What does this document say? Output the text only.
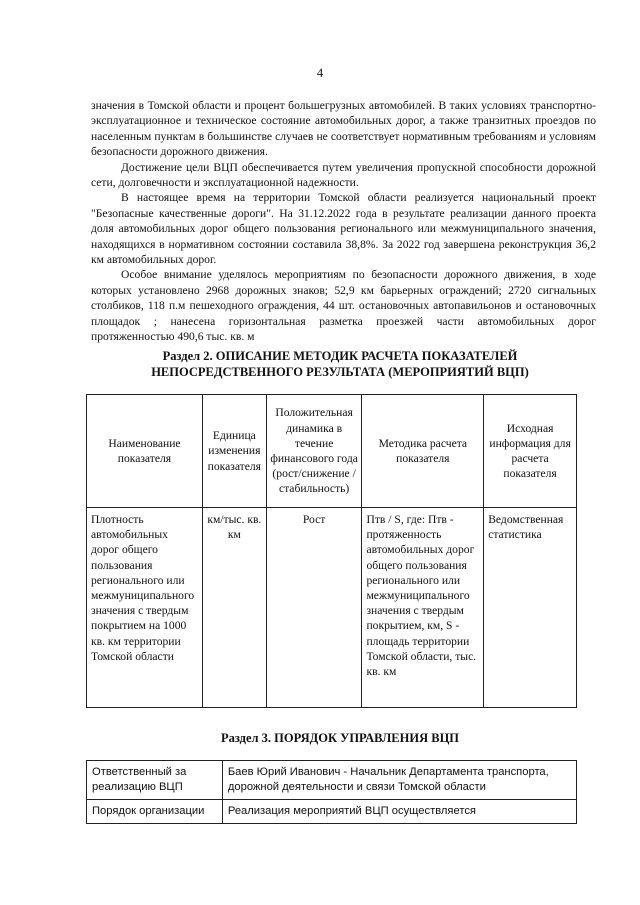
4

значения в Томской области и процент большегрузных автомобилей. В таких условиях транспортно-эксплуатационное и техническое состояние автомобильных дорог, а также транзитных проездов по населенным пунктам в большинстве случаев не соответствует нормативным требованиям и условиям безопасности дорожного движения.

Достижение цели ВЦП обеспечивается путем увеличения пропускной способности дорожной сети, долговечности и эксплуатационной надежности.

В настоящее время на территории Томской области реализуется национальный проект "Безопасные качественные дороги". На 31.12.2022 года в результате реализации данного проекта доля автомобильных дорог общего пользования регионального или межмуниципального значения, находящихся в нормативном состоянии составила 38,8%. За 2022 год завершена реконструкция 36,2 км автомобильных дорог.

Особое внимание уделялось мероприятиям по безопасности дорожного движения, в ходе которых установлено 2968 дорожных знаков; 52,9 км барьерных ограждений; 2720 сигнальных столбиков, 118 п.м пешеходного ограждения, 44 шт. остановочных автопавильонов и остановочных площадок ; нанесена горизонтальная разметка проезжей части автомобильных дорог протяженностью 490,6 тыс. кв. м

Раздел 2. ОПИСАНИЕ МЕТОДИК РАСЧЕТА ПОКАЗАТЕЛЕЙ
НЕПОСРЕДСТВЕННОГО РЕЗУЛЬТАТА (МЕРОПРИЯТИЙ ВЦП)
Наименование показателя	Единица изменения показателя	Положительная динамика в течение финансового года (рост/снижение /стабильность)	Методика расчета показателя	Исходная информация для расчета показателя
Плотность автомобильных дорог общего пользования регионального или межмуниципального значения с твердым покрытием на 1000 кв. км территории Томской области	км/тыс. кв. км	Рост	Птв / S, где: Птв - протяженность автомобильных дорог общего пользования регионального или межмуниципального значения с твердым покрытием, км, S - площадь территории Томской области, тыс. кв. км	Ведомственная статистика
Раздел 3. ПОРЯДОК УПРАВЛЕНИЯ ВЦП
Ответственный за реализацию ВЦП	Баев Юрий Иванович - Начальник Департамента транспорта, дорожной деятельности и связи Томской области
Порядок организации	Реализация мероприятий ВЦП осуществляется
